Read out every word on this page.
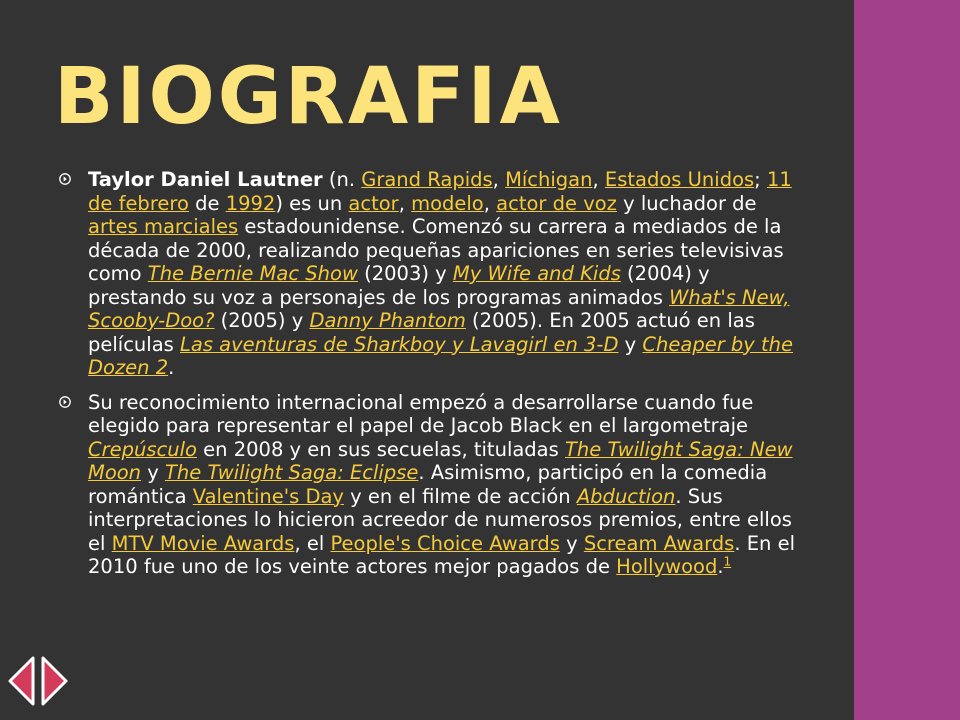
BIOGRAFIA
Taylor Daniel Lautner (n. Grand Rapids, Míchigan, Estados Unidos; 11 de febrero de 1992) es un actor, modelo, actor de voz y luchador de artes marciales estadounidense. Comenzó su carrera a mediados de la década de 2000, realizando pequeñas apariciones en series televisivas como The Bernie Mac Show (2003) y My Wife and Kids (2004) y prestando su voz a personajes de los programas animados What's New, Scooby-Doo? (2005) y Danny Phantom (2005). En 2005 actuó en las películas Las aventuras de Sharkboy y Lavagirl en 3-D y Cheaper by the Dozen 2.
Su reconocimiento internacional empezó a desarrollarse cuando fue elegido para representar el papel de Jacob Black en el largometraje Crepúsculo en 2008 y en sus secuelas, tituladas The Twilight Saga: New Moon y The Twilight Saga: Eclipse. Asimismo, participó en la comedia romántica Valentine's Day y en el filme de acción Abduction. Sus interpretaciones lo hicieron acreedor de numerosos premios, entre ellos el MTV Movie Awards, el People's Choice Awards y Scream Awards. En el 2010 fue uno de los veinte actores mejor pagados de Hollywood.$^1$
